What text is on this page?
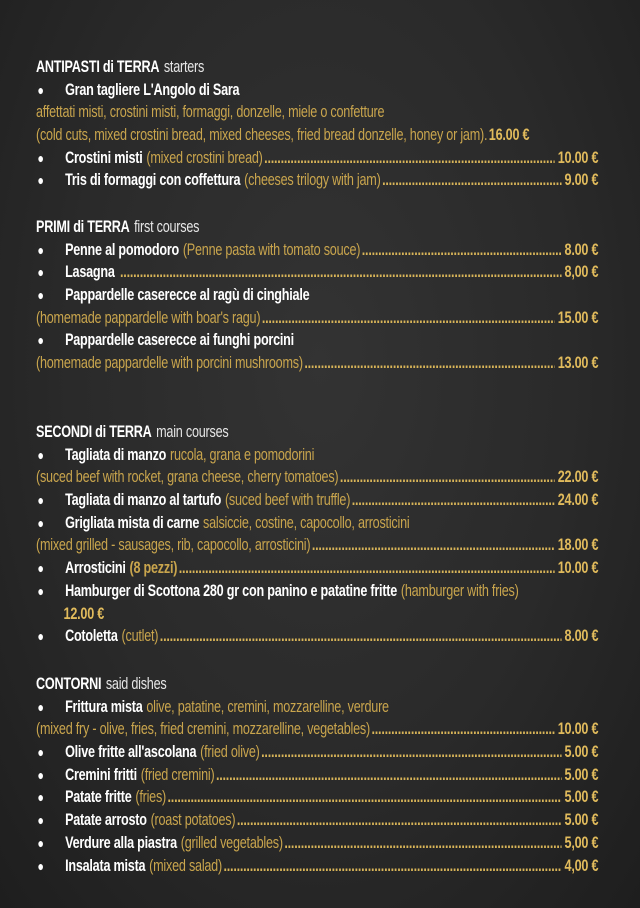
ANTIPASTI di TERRA starters
●	Gran tagliere L'Angolo di Sara
affettati misti, crostini misti, formaggi, donzelle, miele o confetture
(cold cuts, mixed crostini bread, mixed cheeses, fried bread donzelle, honey or jam). 16.00 €
●	Crostini misti (mixed crostini bread) .....	10.00 €
●	Tris di formaggi con coffettura (cheeses trilogy with jam) .....	9.00 €
PRIMI di TERRA first courses
●	Penne al pomodoro (Penne pasta with tomato souce) .....	8.00 €
●	Lasagna .....	8,00 €
●	Pappardelle caserecce al ragù di cinghiale
(homemade pappardelle with boar's ragu) .....	15.00 €
●	Pappardelle caserecce ai funghi porcini
(homemade pappardelle with porcini mushrooms) .....	13.00 €
SECONDI di TERRA main courses
●	Tagliata di manzo rucola, grana e pomodorini
(suced beef with rocket, grana cheese, cherry tomatoes) .....	22.00 €
●	Tagliata di manzo al tartufo (suced beef with truffle) .....	24.00 €
●	Grigliata mista di carne salsiccie, costine, capocollo, arrosticini
(mixed grilled - sausages, rib, capocollo, arrosticini) .....	18.00 €
●	Arrosticini (8 pezzi) .....	10.00 €
●	Hamburger di Scottona 280 gr con panino e patatine fritte (hamburger with fries)
12.00 €
●	Cotoletta (cutlet) .....	8.00 €
CONTORNI said dishes
●	Frittura mista olive, patatine, cremini, mozzarelline, verdure
(mixed fry - olive, fries, fried cremini, mozzarelline, vegetables) .....	10.00 €
●	Olive fritte all'ascolana (fried olive) .....	5.00 €
●	Cremini fritti (fried cremini) .....	5.00 €
●	Patate fritte (fries) .....	5.00 €
●	Patate arrosto (roast potatoes) .....	5.00 €
●	Verdure alla piastra (grilled vegetables) .....	5,00 €
●	Insalata mista (mixed salad) .....	4,00 €
